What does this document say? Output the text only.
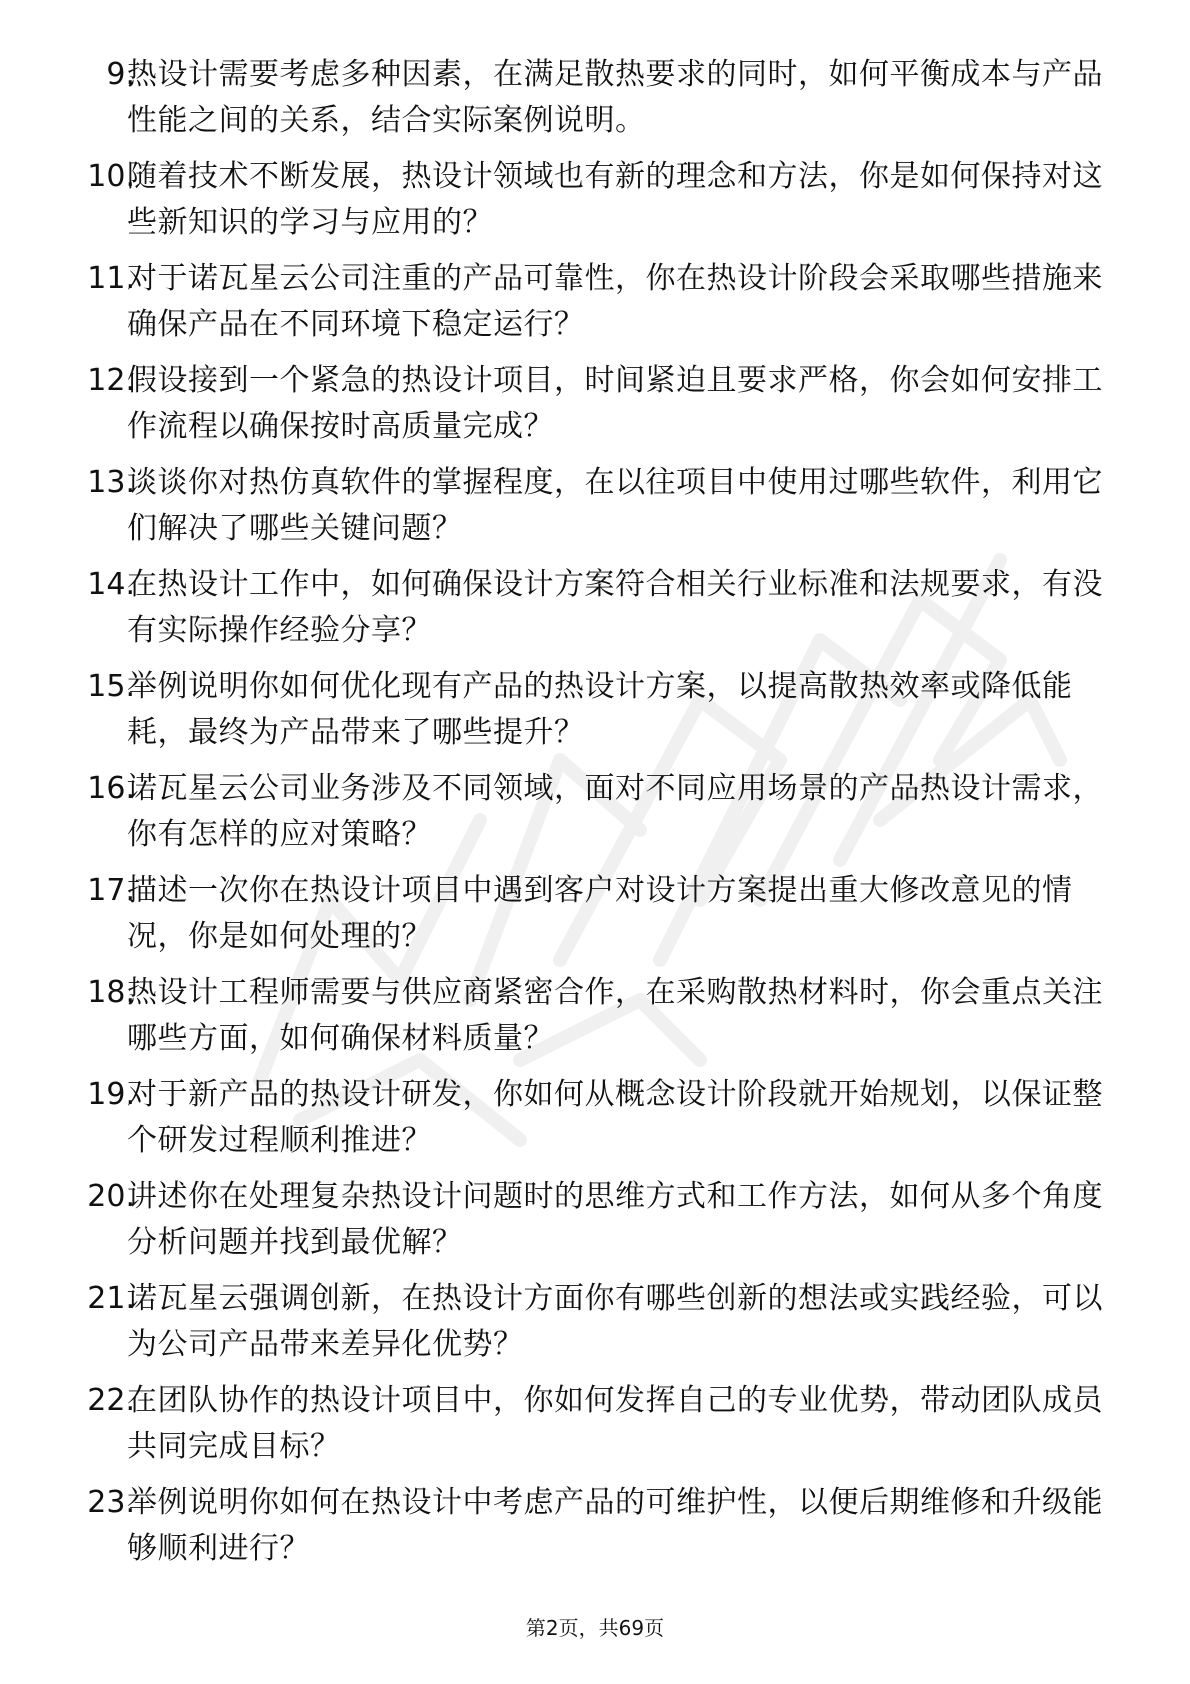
9.
热设计需要考虑多种因素，在满足散热要求的同时，如何平衡成本与产品性能之间的关系，结合实际案例说明。
10.
随着技术不断发展，热设计领域也有新的理念和方法，你是如何保持对这些新知识的学习与应用的？
11.
对于诺瓦星云公司注重的产品可靠性，你在热设计阶段会采取哪些措施来确保产品在不同环境下稳定运行？
12.
假设接到一个紧急的热设计项目，时间紧迫且要求严格，你会如何安排工作流程以确保按时高质量完成？
13.
谈谈你对热仿真软件的掌握程度，在以往项目中使用过哪些软件，利用它们解决了哪些关键问题？
14.
在热设计工作中，如何确保设计方案符合相关行业标准和法规要求，有没有实际操作经验分享？
15.
举例说明你如何优化现有产品的热设计方案，以提高散热效率或降低能耗，最终为产品带来了哪些提升？
16.
诺瓦星云公司业务涉及不同领域，面对不同应用场景的产品热设计需求，你有怎样的应对策略？
17.
描述一次你在热设计项目中遇到客户对设计方案提出重大修改意见的情况，你是如何处理的？
18.
热设计工程师需要与供应商紧密合作，在采购散热材料时，你会重点关注哪些方面，如何确保材料质量？
19.
对于新产品的热设计研发，你如何从概念设计阶段就开始规划，以保证整个研发过程顺利推进？
20.
讲述你在处理复杂热设计问题时的思维方式和工作方法，如何从多个角度分析问题并找到最优解？
21.
诺瓦星云强调创新，在热设计方面你有哪些创新的想法或实践经验，可以为公司产品带来差异化优势？
22.
在团队协作的热设计项目中，你如何发挥自己的专业优势，带动团队成员共同完成目标？
23.
举例说明你如何在热设计中考虑产品的可维护性，以便后期维修和升级能够顺利进行？
第2页，共69页
